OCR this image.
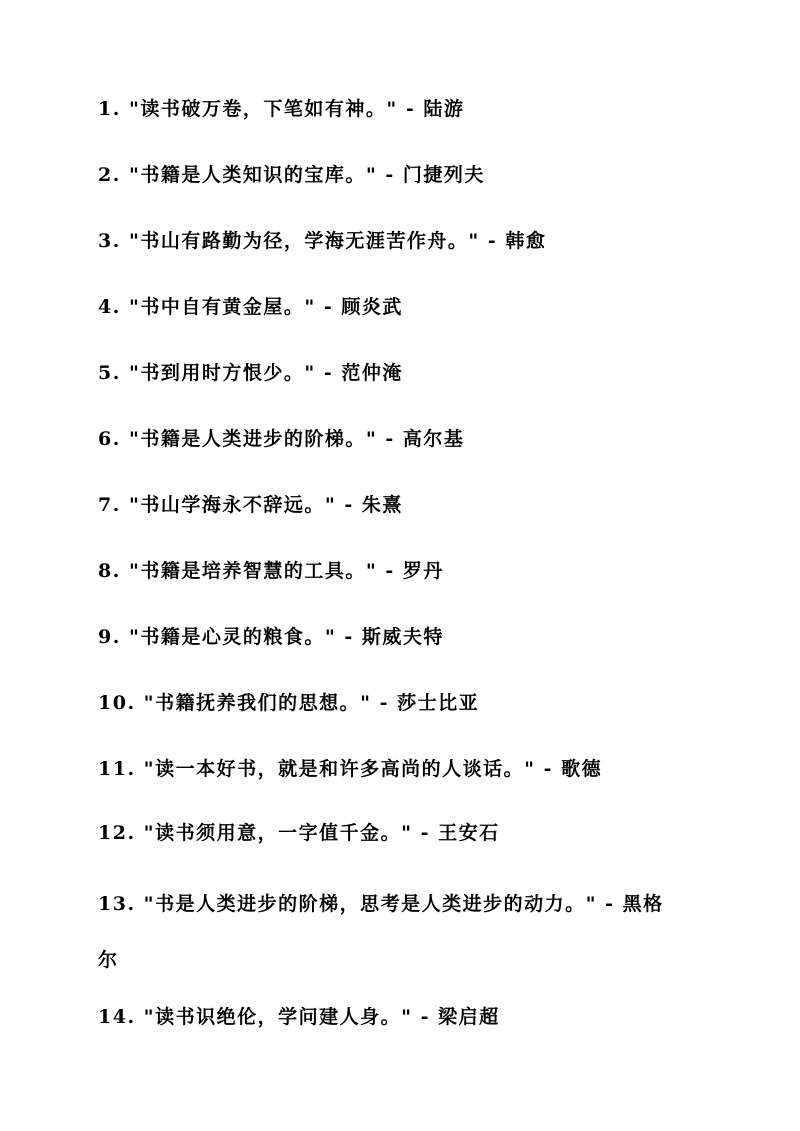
1. "读书破万卷，下笔如有神。" - 陆游
2. "书籍是人类知识的宝库。" - 门捷列夫
3. "书山有路勤为径，学海无涯苦作舟。" - 韩愈
4. "书中自有黄金屋。" - 顾炎武
5. "书到用时方恨少。" - 范仲淹
6. "书籍是人类进步的阶梯。" - 高尔基
7. "书山学海永不辞远。" - 朱熹
8. "书籍是培养智慧的工具。" - 罗丹
9. "书籍是心灵的粮食。" - 斯威夫特
10. "书籍抚养我们的思想。" - 莎士比亚
11. "读一本好书，就是和许多高尚的人谈话。" - 歌德
12. "读书须用意，一字值千金。" - 王安石
13. "书是人类进步的阶梯，思考是人类进步的动力。" - 黑格尔
14. "读书识绝伦，学问建人身。" - 梁启超
